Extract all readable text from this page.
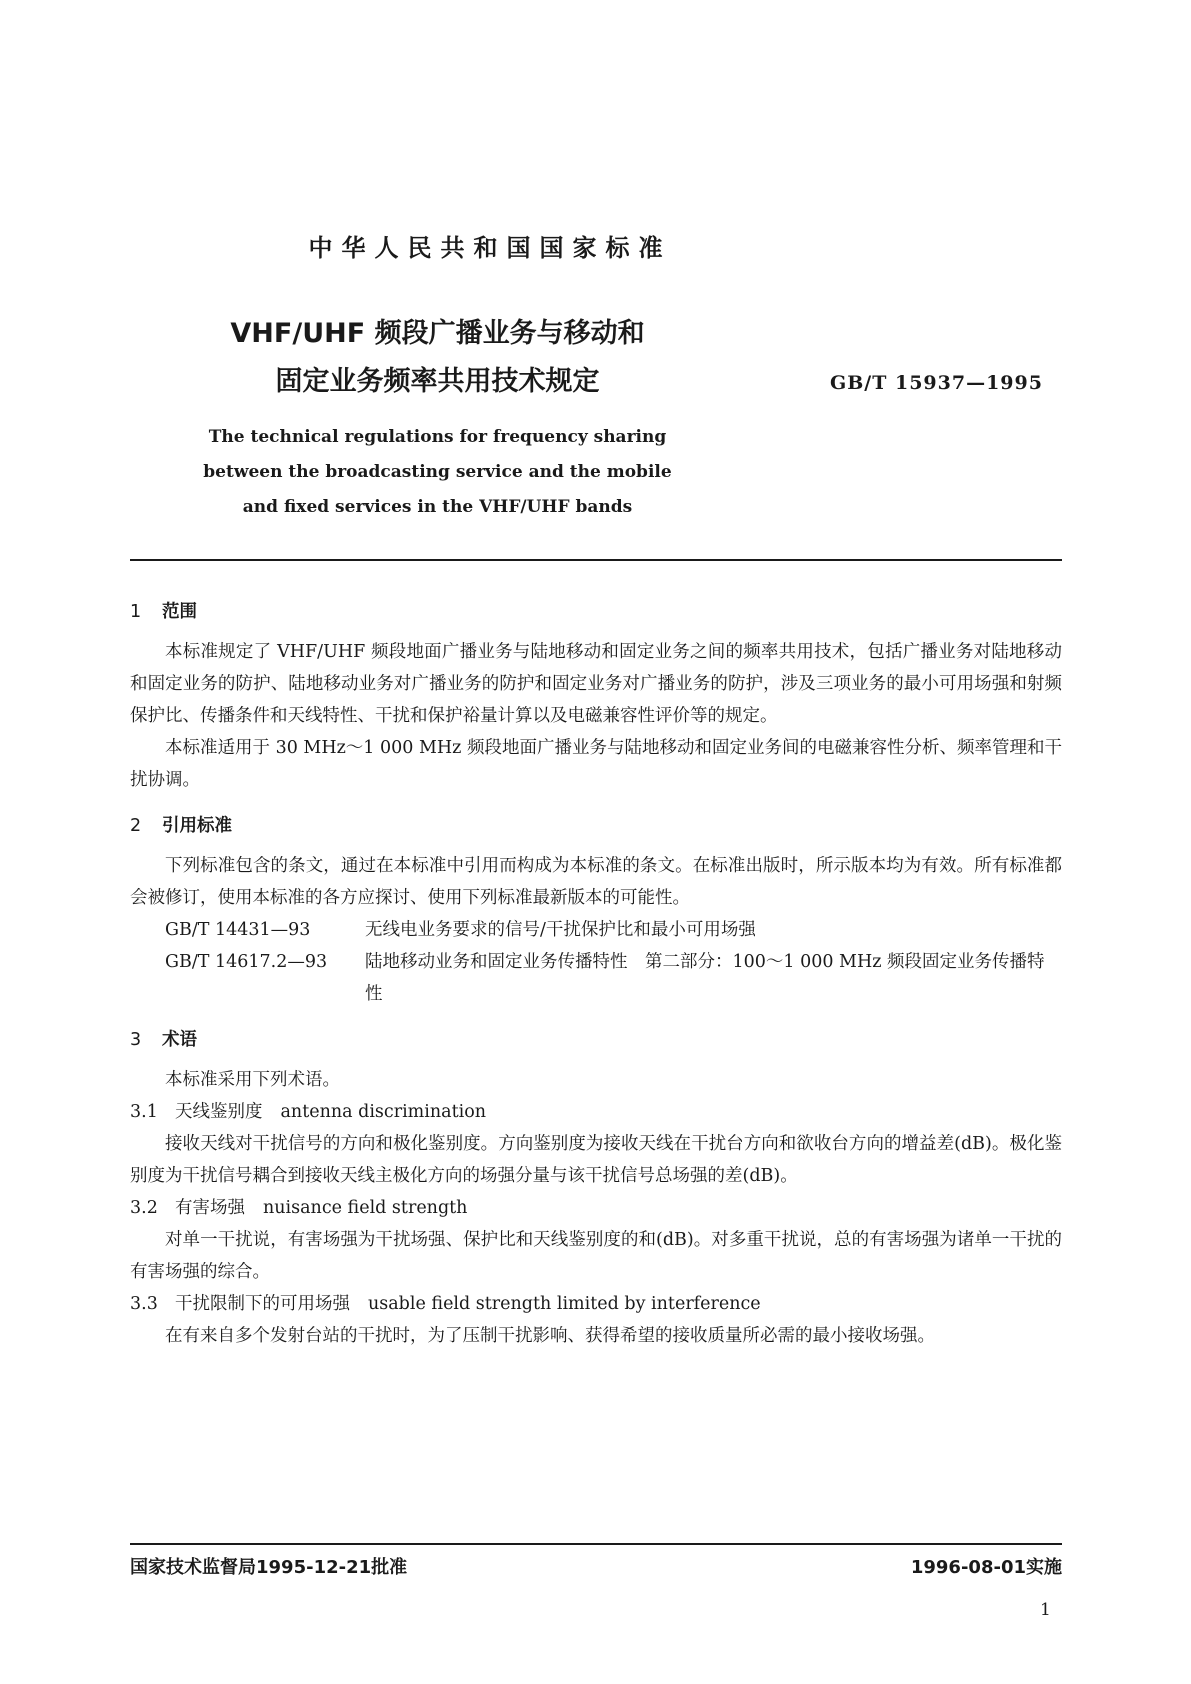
中华人民共和国国家标准
VHF/UHF 频段广播业务与移动和
固定业务频率共用技术规定	GB/T 15937—1995
The technical regulations for frequency sharing
between the broadcasting service and the mobile
and fixed services in the VHF/UHF bands
1 范围

本标准规定了 VHF/UHF 频段地面广播业务与陆地移动和固定业务之间的频率共用技术，包括广播业务对陆地移动和固定业务的防护、陆地移动业务对广播业务的防护和固定业务对广播业务的防护，涉及三项业务的最小可用场强和射频保护比、传播条件和天线特性、干扰和保护裕量计算以及电磁兼容性评价等的规定。

本标准适用于 30 MHz～1 000 MHz 频段地面广播业务与陆地移动和固定业务间的电磁兼容性分析、频率管理和干扰协调。

2 引用标准

下列标准包含的条文，通过在本标准中引用而构成为本标准的条文。在标准出版时，所示版本均为有效。所有标准都会被修订，使用本标准的各方应探讨、使用下列标准最新版本的可能性。

GB/T 14431—93	无线电业务要求的信号/干扰保护比和最小可用场强
GB/T 14617.2—93	陆地移动业务和固定业务传播特性　第二部分：100～1 000 MHz 频段固定业务传播特性
3 术语

本标准采用下列术语。

3.1 天线鉴别度 antenna discrimination

接收天线对干扰信号的方向和极化鉴别度。方向鉴别度为接收天线在干扰台方向和欲收台方向的增益差(dB)。极化鉴别度为干扰信号耦合到接收天线主极化方向的场强分量与该干扰信号总场强的差(dB)。

3.2 有害场强 nuisance field strength

对单一干扰说，有害场强为干扰场强、保护比和天线鉴别度的和(dB)。对多重干扰说，总的有害场强为诸单一干扰的有害场强的综合。

3.3 干扰限制下的可用场强 usable field strength limited by interference

在有来自多个发射台站的干扰时，为了压制干扰影响、获得希望的接收质量所必需的最小接收场强。

国家技术监督局1995-12-21批准	1996-08-01实施
1
